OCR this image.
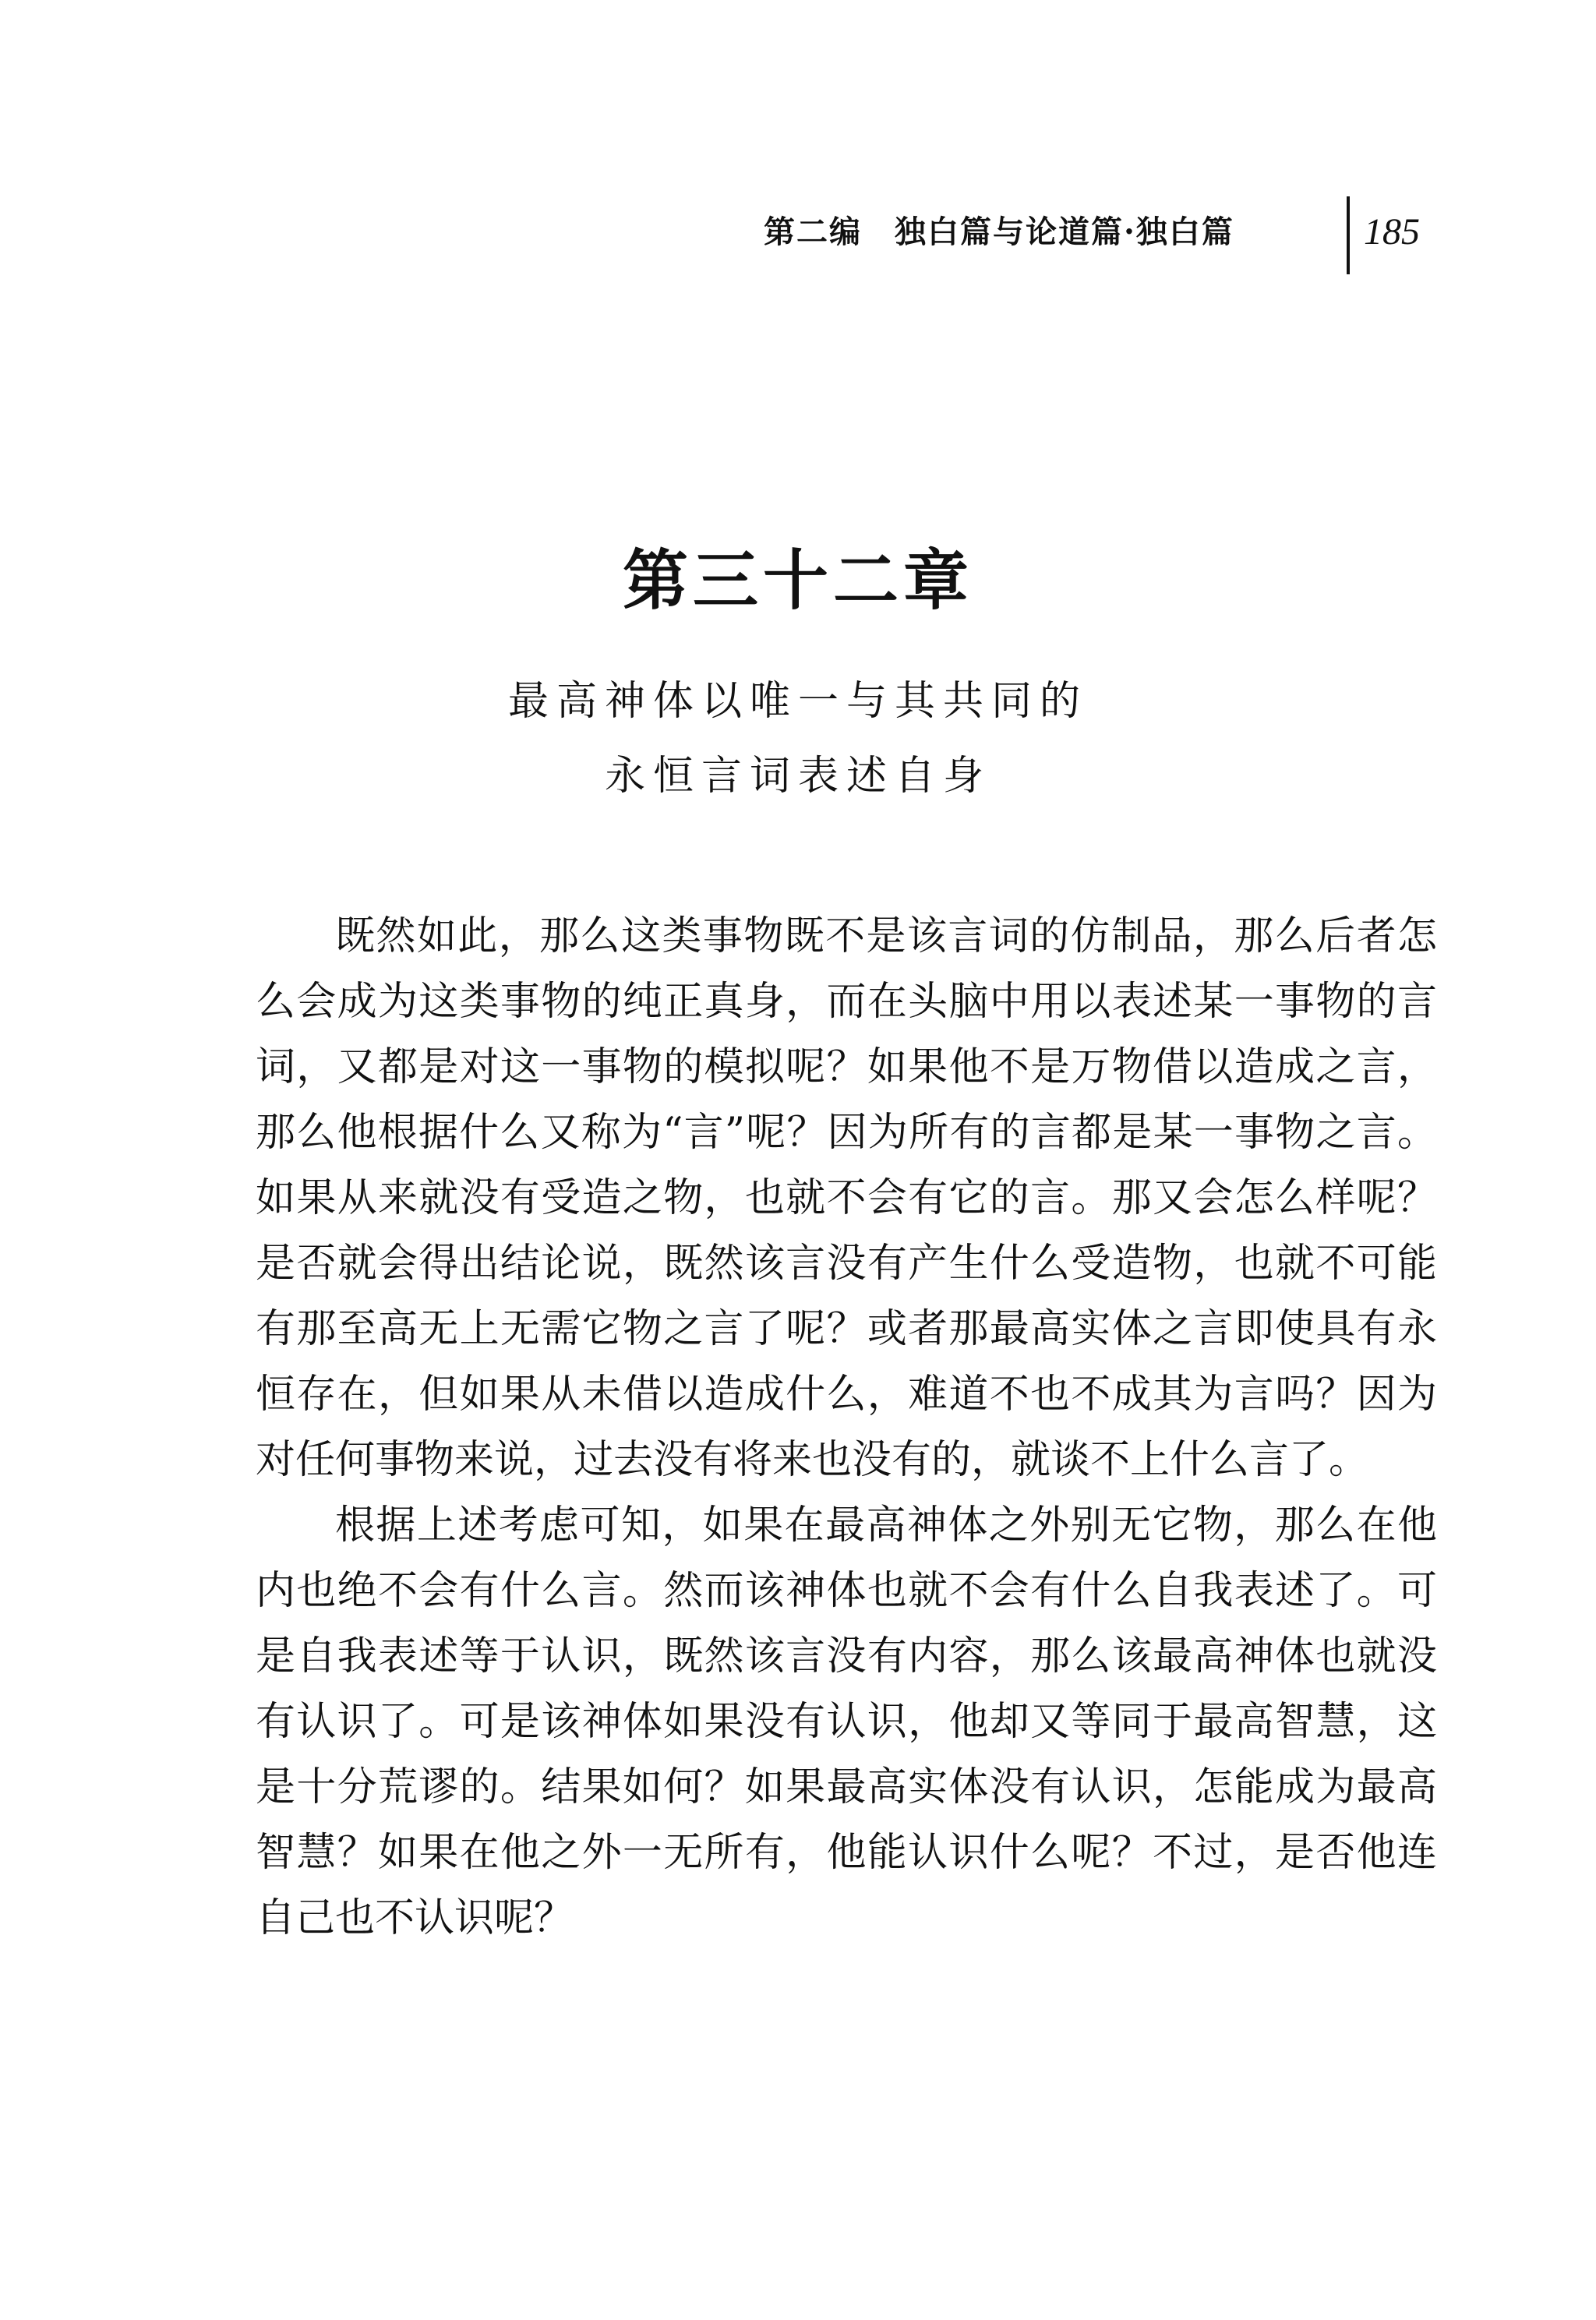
第二编　独白篇与论道篇·独白篇	185
第三十二章
最高神体以唯一与其共同的
永恒言词表述自身

既然如此，那么这类事物既不是该言词的仿制品，那么后者怎么会成为这类事物的纯正真身，而在头脑中用以表述某一事物的言词，又都是对这一事物的模拟呢？如果他不是万物借以造成之言，那么他根据什么又称为“言”呢？因为所有的言都是某一事物之言。如果从来就没有受造之物，也就不会有它的言。那又会怎么样呢？是否就会得出结论说，既然该言没有产生什么受造物，也就不可能有那至高无上无需它物之言了呢？或者那最高实体之言即使具有永恒存在，但如果从未借以造成什么，难道不也不成其为言吗？因为对任何事物来说，过去没有将来也没有的，就谈不上什么言了。

根据上述考虑可知，如果在最高神体之外别无它物，那么在他内也绝不会有什么言。然而该神体也就不会有什么自我表述了。可是自我表述等于认识，既然该言没有内容，那么该最高神体也就没有认识了。可是该神体如果没有认识，他却又等同于最高智慧，这是十分荒谬的。结果如何？如果最高实体没有认识，怎能成为最高智慧？如果在他之外一无所有，他能认识什么呢？不过，是否他连自己也不认识呢？
